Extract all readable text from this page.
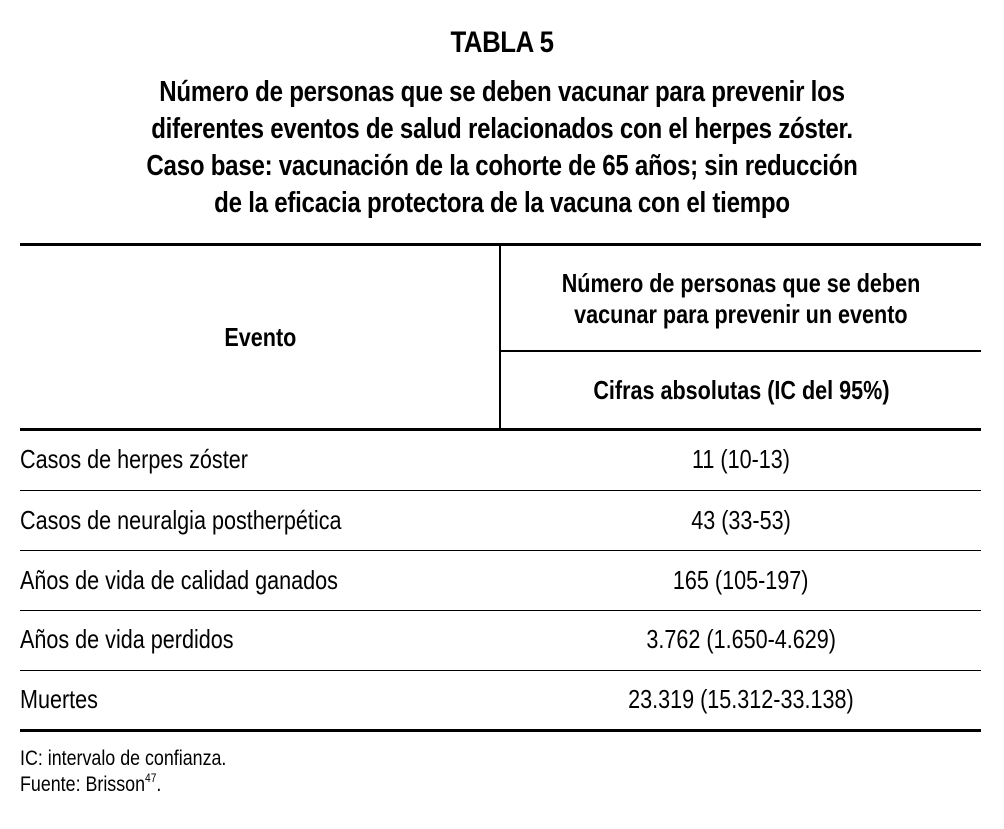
TABLA 5
Número de personas que se deben vacunar para prevenir los
diferentes eventos de salud relacionados con el herpes zóster.
Caso base: vacunación de la cohorte de 65 años; sin reducción
de la eficacia protectora de la vacuna con el tiempo
Evento
Número de personas que se deben
vacunar para prevenir un evento
Cifras absolutas (IC del 95%)
Casos de herpes zóster	11 (10-13)
Casos de neuralgia postherpética	43 (33-53)
Años de vida de calidad ganados	165 (105-197)
Años de vida perdidos	3.762 (1.650-4.629)
Muertes	23.319 (15.312-33.138)
IC: intervalo de confianza.
Fuente: Brisson$^{47}$.
